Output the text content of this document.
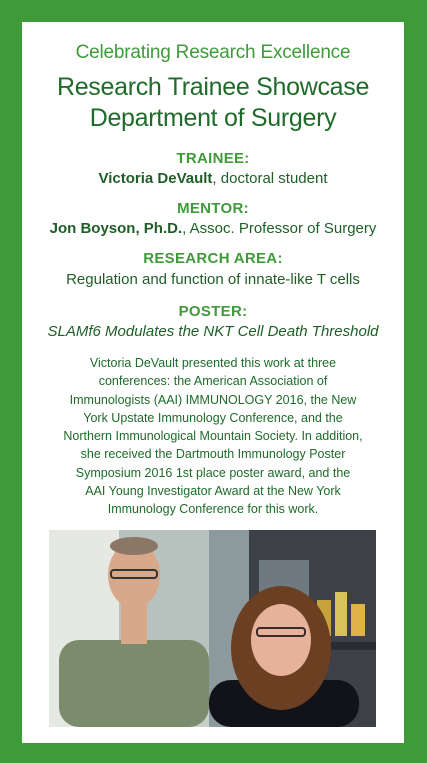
Celebrating Research Excellence
Research Trainee Showcase
Department of Surgery
TRAINEE:
Victoria DeVault, doctoral student
MENTOR:
Jon Boyson, Ph.D., Assoc. Professor of Surgery
RESEARCH AREA:
Regulation and function of innate-like T cells
POSTER:
SLAMf6 Modulates the NKT Cell Death Threshold
Victoria DeVault presented this work at three
conferences: the American Association of
Immunologists (AAI) IMMUNOLOGY 2016, the New
York Upstate Immunology Conference, and the
Northern Immunological Mountain Society. In addition,
she received the Dartmouth Immunology Poster
Symposium 2016 1st place poster award, and the
AAI Young Investigator Award at the New York
Immunology Conference for this work.
